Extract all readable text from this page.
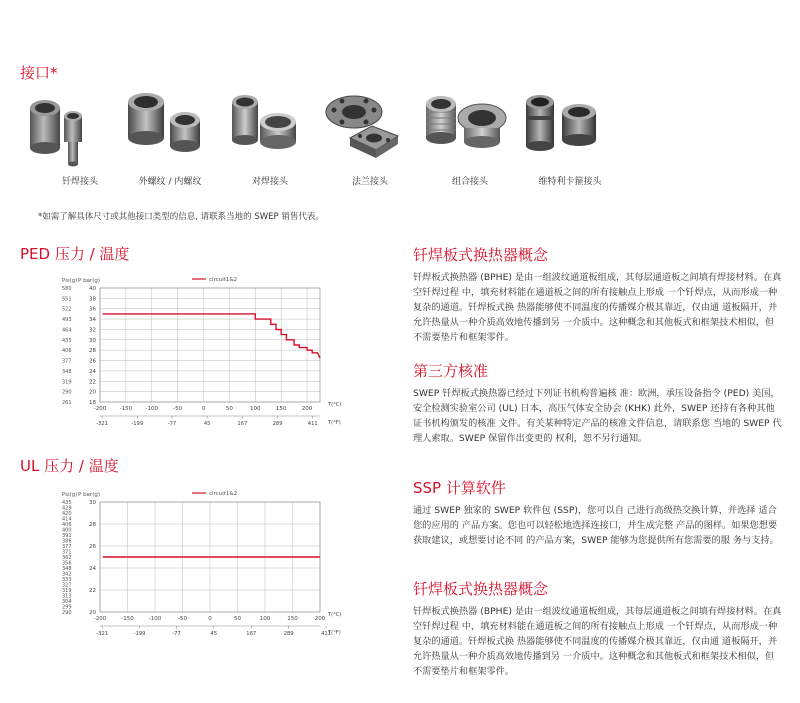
接口*
钎焊接头	外螺纹 / 内螺纹	对焊接头	法兰接头	组合接头	维特利卡箍接头

*如需了解具体尺寸或其他接口类型的信息, 请联系当地的 SWEP 销售代表。

PED 压力 / 温度
Psi(g) P bar(g)	circuit1&2
18
20
22
24
26
28
30
32
34
36
38
40
261
290
319
348
377
406
435
464
493
522
551
580
-200 -150 -100	-50	0	50	100	150	200
-321	-199	-77	45	167	289	411
T(°C)
T(°F)
UL 压力 / 温度
Psi(g) P bar(g)	circuit1&2
20
22
24
26
28
30
290
299
304
313
319
327
333
342
348
356
362
371
377
386
391
400
406
414
420
429
435
-200	-150	-100	-50	0	50	100	150	200
-321	-199	-77	45	167	289	411
T(°C)
T(°F)
钎焊板式换热器概念

钎焊板式换热器 (BPHE) 是由一组波纹通道板组成，其每层通道板之间填有焊接材料。在真空钎焊过程 中，填充材料能在通道板之间的所有接触点上形成 一个钎焊点，从而形成一种复杂的通道。钎焊板式换 热器能够使不同温度的传播媒介极其靠近，仅由通 道板隔开，并允许热量从一种介质高效地传播到另 一介质中。这种概念和其他板式和框架技术相似，但 不需要垫片和框架零件。

第三方核准

SWEP 钎焊板式换热器已经过下列证书机构普遍核 准：欧洲，承压设备指令 (PED) 美国，安全检测实验室公司 (UL) 日本，高压气体安全协会 (KHK) 此外，SWEP 还持有各种其他证书机构颁发的核准 文件。有关某种特定产品的核准文件信息，请联系您 当地的 SWEP 代理人索取。SWEP 保留作出变更的 权利，恕不另行通知。

SSP 计算软件

通过 SWEP 独家的 SWEP 软件包 (SSP)，您可以自 己进行高级热交换计算，并选择 适合您的应用的 产品方案。您也可以轻松地选择连接口，并生成完整 产品的图样。如果您想要获取建议，或想要讨论不同 的产品方案，SWEP 能够为您提供所有您需要的服 务与支持。

钎焊板式换热器概念

钎焊板式换热器 (BPHE) 是由一组波纹通道板组成，其每层通道板之间填有焊接材料。在真空钎焊过程 中，填充材料能在通道板之间的所有接触点上形成 一个钎焊点，从而形成一种复杂的通道。钎焊板式换 热器能够使不同温度的传播媒介极其靠近，仅由通 道板隔开，并允许热量从一种介质高效地传播到另 一介质中。这种概念和其他板式和框架技术相似，但 不需要垫片和框架零件。
